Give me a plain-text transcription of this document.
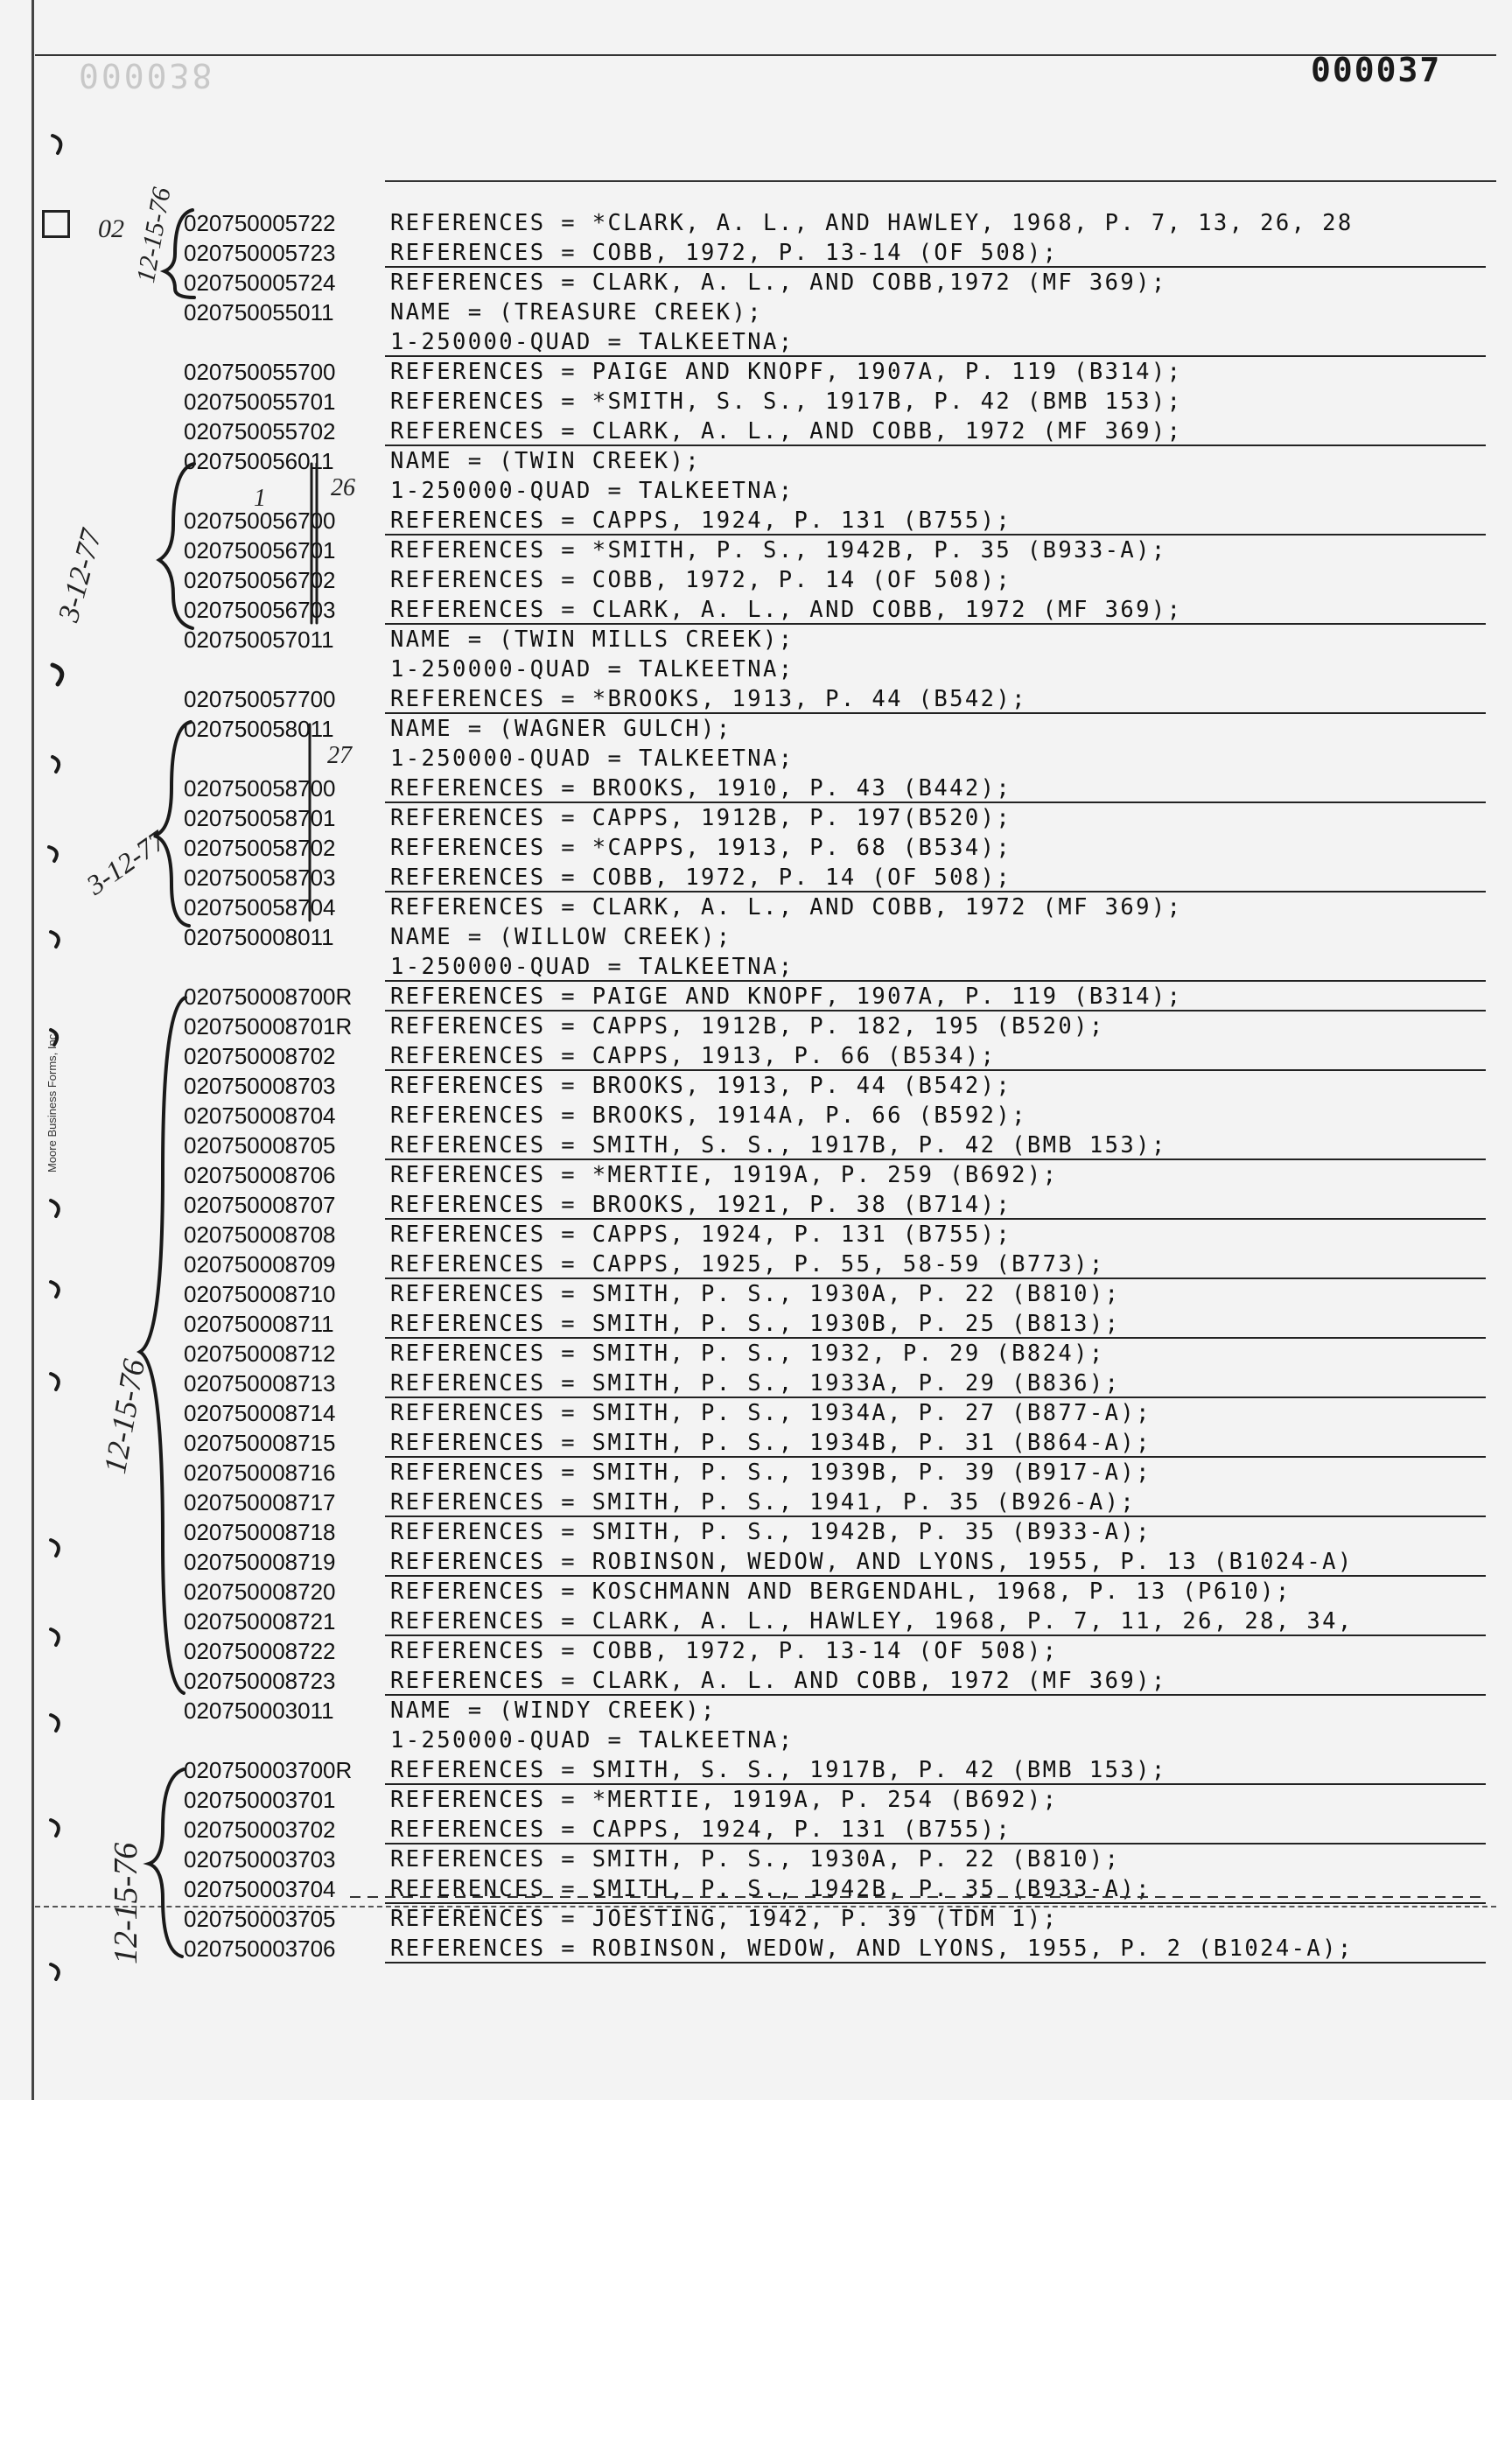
000038	000037
Moore Business Forms, Inc.
020750005722 REFERENCES = *CLARK, A. L., AND HAWLEY, 1968, P. 7, 13, 26, 28
020750005723 REFERENCES = COBB, 1972, P. 13-14 (OF 508);
020750005724 REFERENCES = CLARK, A. L., AND COBB,1972 (MF 369);
020750055011	NAME = (TREASURE CREEK);
1-250000-QUAD = TALKEETNA;
020750055700 REFERENCES = PAIGE AND KNOPF, 1907A, P. 119 (B314);
020750055701 REFERENCES = *SMITH, S. S., 1917B, P. 42 (BMB 153);
020750055702 REFERENCES = CLARK, A. L., AND COBB, 1972 (MF 369);
020750056011	NAME = (TWIN CREEK);
1-250000-QUAD = TALKEETNA;
020750056700 REFERENCES = CAPPS, 1924, P. 131 (B755);
020750056701 REFERENCES = *SMITH, P. S., 1942B, P. 35 (B933-A);
020750056702 REFERENCES = COBB, 1972, P. 14 (OF 508);
020750056703 REFERENCES = CLARK, A. L., AND COBB, 1972 (MF 369);
020750057011	NAME = (TWIN MILLS CREEK);
1-250000-QUAD = TALKEETNA;
020750057700 REFERENCES = *BROOKS, 1913, P. 44 (B542);
020750058011	NAME = (WAGNER GULCH);
1-250000-QUAD = TALKEETNA;
020750058700 REFERENCES = BROOKS, 1910, P. 43 (B442);
020750058701 REFERENCES = CAPPS, 1912B, P. 197(B520);
020750058702 REFERENCES = *CAPPS, 1913, P. 68 (B534);
020750058703 REFERENCES = COBB, 1972, P. 14 (OF 508);
020750058704 REFERENCES = CLARK, A. L., AND COBB, 1972 (MF 369);
020750008011	NAME = (WILLOW CREEK);
1-250000-QUAD = TALKEETNA;
020750008700R REFERENCES = PAIGE AND KNOPF, 1907A, P. 119 (B314);
020750008701R REFERENCES = CAPPS, 1912B, P. 182, 195 (B520);
020750008702 REFERENCES = CAPPS, 1913, P. 66 (B534);
020750008703 REFERENCES = BROOKS, 1913, P. 44 (B542);
020750008704 REFERENCES = BROOKS, 1914A, P. 66 (B592);
020750008705 REFERENCES = SMITH, S. S., 1917B, P. 42 (BMB 153);
020750008706 REFERENCES = *MERTIE, 1919A, P. 259 (B692);
020750008707 REFERENCES = BROOKS, 1921, P. 38 (B714);
020750008708 REFERENCES = CAPPS, 1924, P. 131 (B755);
020750008709 REFERENCES = CAPPS, 1925, P. 55, 58-59 (B773);
020750008710 REFERENCES = SMITH, P. S., 1930A, P. 22 (B810);
020750008711	REFERENCES = SMITH, P. S., 1930B, P. 25 (B813);
020750008712 REFERENCES = SMITH, P. S., 1932, P. 29 (B824);
020750008713 REFERENCES = SMITH, P. S., 1933A, P. 29 (B836);
020750008714 REFERENCES = SMITH, P. S., 1934A, P. 27 (B877-A);
020750008715 REFERENCES = SMITH, P. S., 1934B, P. 31 (B864-A);
020750008716 REFERENCES = SMITH, P. S., 1939B, P. 39 (B917-A);
020750008717 REFERENCES = SMITH, P. S., 1941, P. 35 (B926-A);
020750008718 REFERENCES = SMITH, P. S., 1942B, P. 35 (B933-A);
020750008719 REFERENCES = ROBINSON, WEDOW, AND LYONS, 1955, P. 13 (B1024-A)
020750008720 REFERENCES = KOSCHMANN AND BERGENDAHL, 1968, P. 13 (P610);
020750008721 REFERENCES = CLARK, A. L., HAWLEY, 1968, P. 7, 11, 26, 28, 34,
020750008722 REFERENCES = COBB, 1972, P. 13-14 (OF 508);
020750008723 REFERENCES = CLARK, A. L. AND COBB, 1972 (MF 369);
020750003011	NAME = (WINDY CREEK);
1-250000-QUAD = TALKEETNA;
020750003700R REFERENCES = SMITH, S. S., 1917B, P. 42 (BMB 153);
020750003701 REFERENCES = *MERTIE, 1919A, P. 254 (B692);
020750003702 REFERENCES = CAPPS, 1924, P. 131 (B755);
020750003703 REFERENCES = SMITH, P. S., 1930A, P. 22 (B810);
020750003704 REFERENCES = SMITH, P. S., 1942B, P. 35 (B933-A);
020750003705 REFERENCES = JOESTING, 1942, P. 39 (TDM 1);
020750003706 REFERENCES = ROBINSON, WEDOW, AND LYONS, 1955, P. 2 (B1024-A);
02 12-15-76
3-12-77
3-12-77
12-15-76
12-15-76
26
1
27
